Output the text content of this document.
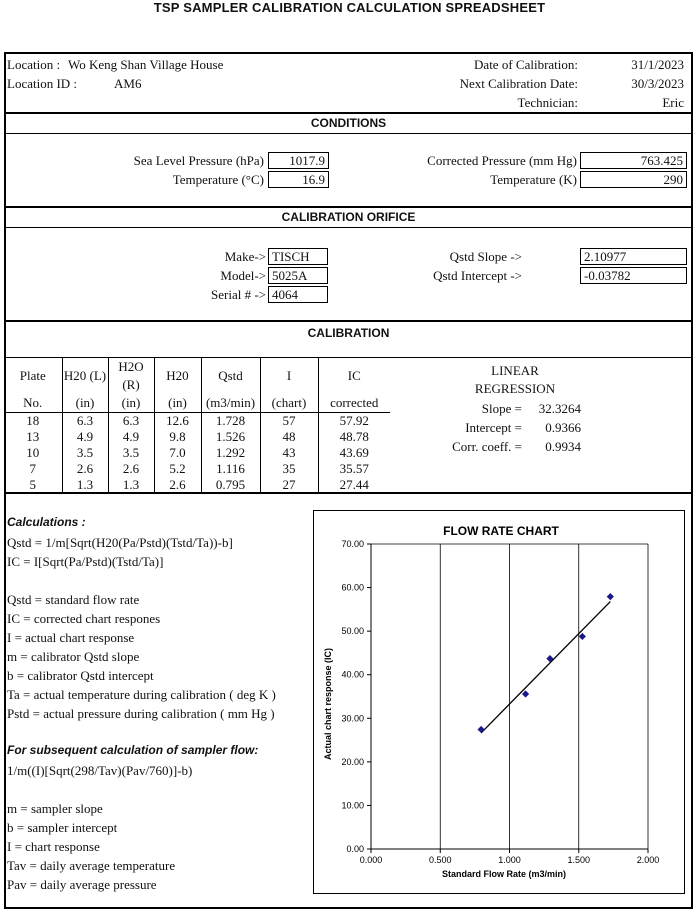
TSP SAMPLER CALIBRATION CALCULATION SPREADSHEET
Location : Wo Keng Shan Village House
Location ID :	AM6
Date of Calibration:	31/1/2023
Next Calibration Date:	30/3/2023
Technician:	Eric
CONDITIONS
Sea Level Pressure (hPa)	1017.9
Temperature (°C)	16.9
Corrected Pressure (mm Hg)	763.425
Temperature (K)	290
CALIBRATION ORIFICE
Make-> TISCH
Model-> 5025A
Serial # -> 4064
Qstd Slope ->	2.10977
Qstd Intercept ->	-0.03782
CALIBRATION
Plate	H20 (L)	H2O (R)	H20	Qstd	I	IC
No.	(in)	(in)	(in)	(m3/min)	(chart)	corrected
18	6.3	6.3	12.6	1.728	57	57.92
13	4.9	4.9	9.8	1.526	48	48.78
10	3.5	3.5	7.0	1.292	43	43.69
7	2.6	2.6	5.2	1.116	35	35.57
5	1.3	1.3	2.6	0.795	27	27.44
LINEAR
REGRESSION
Slope =	32.3264
Intercept =	0.9366
Corr. coeff. =	0.9934
Calculations :
Qstd = 1/m[Sqrt(H20(Pa/Pstd)(Tstd/Ta))-b]
IC = I[Sqrt(Pa/Pstd)(Tstd/Ta)]
Qstd = standard flow rate
IC = corrected chart respones
I = actual chart response
m = calibrator Qstd slope
b = calibrator Qstd intercept
Ta = actual temperature during calibration ( deg K )
Pstd = actual pressure during calibration ( mm Hg )
For subsequent calculation of sampler flow:
1/m((I)[Sqrt(298/Tav)(Pav/760)]-b)
m = sampler slope
b = sampler intercept
I = chart response
Tav = daily average temperature
Pav = daily average pressure
FLOW RATE CHART
Standard Flow Rate (m3/min)
Actual chart response (IC)
0.000	0.500	1.000	1.500	2.000
0.00
10.00
20.00
30.00
40.00
50.00
60.00
70.00
